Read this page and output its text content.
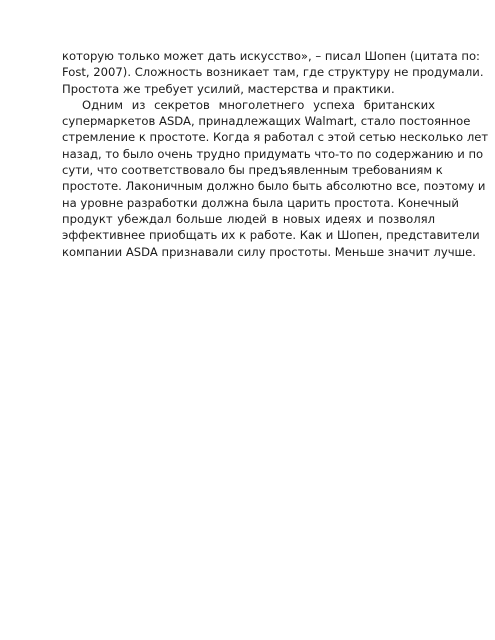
которую только может дать искусство», – писал Шопен (цитата по:
Fost, 2007). Сложность возникает там, где структуру не продумали.
Простота же требует усилий, мастерства и практики.
Одним из секретов многолетнего успеха британских
супермаркетов ASDA, принадлежащих Walmart, стало постоянное
стремление к простоте. Когда я работал с этой сетью несколько лет
назад, то было очень трудно придумать что-то по содержанию и по
сути, что соответствовало бы предъявленным требованиям к
простоте. Лаконичным должно было быть абсолютно все, поэтому и
на уровне разработки должна была царить простота. Конечный
продукт убеждал больше людей в новых идеях и позволял
эффективнее приобщать их к работе. Как и Шопен, представители
компании ASDA признавали силу простоты. Меньше значит лучше.
